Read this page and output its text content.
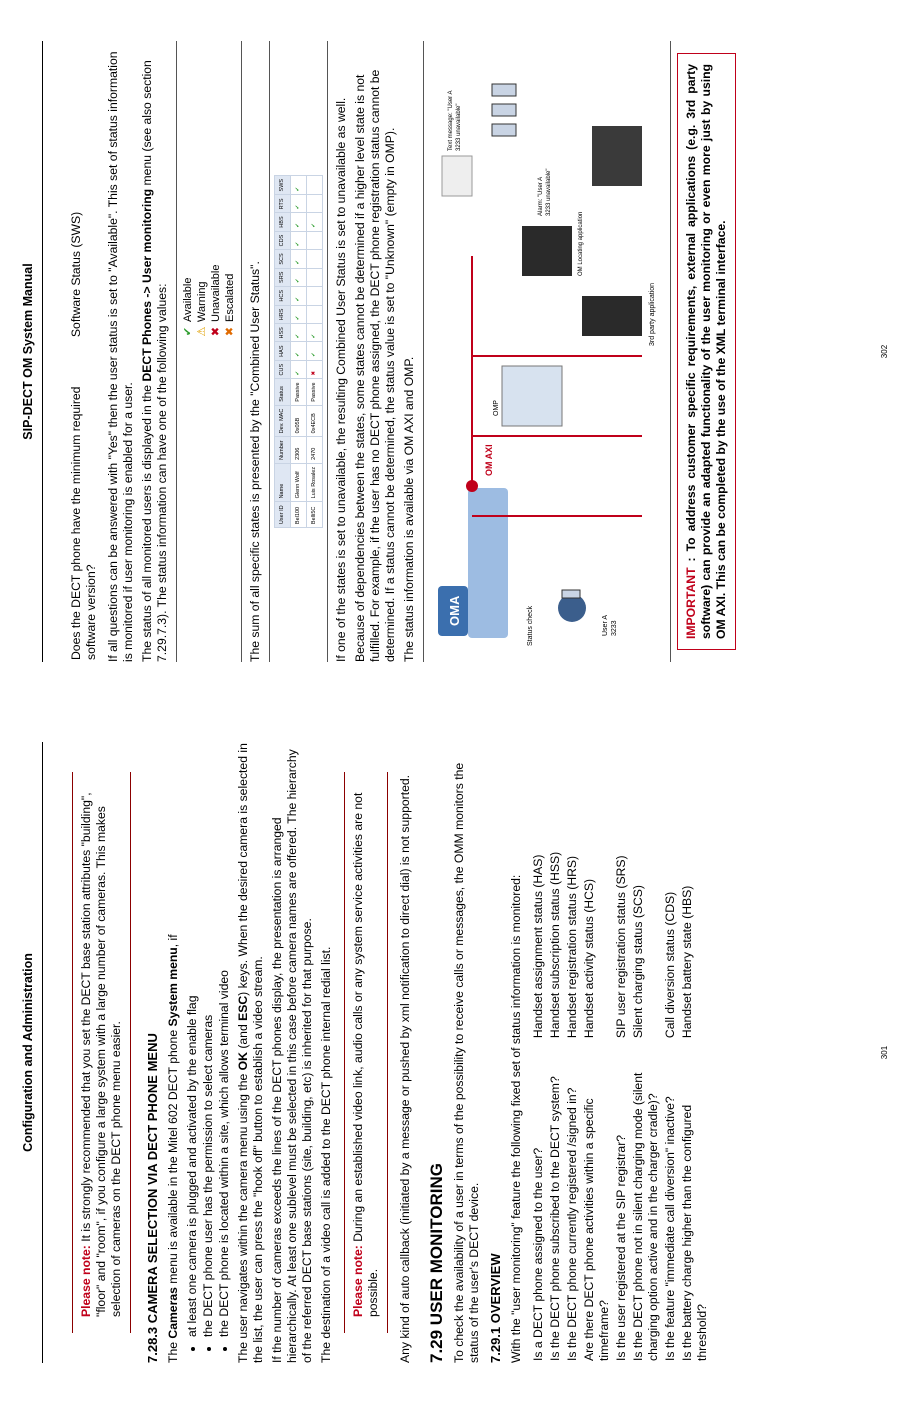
Configuration and Administration
Please note: It is strongly recommended that you set the DECT base station attributes "building", "floor" and "room", if you configure a large system with a large number of cameras. This makes selection of cameras on the DECT phone menu easier.	7.28.3 CAMERA SELECTION VIA DECT PHONE MENU The Cameras menu is available in the Mitel 602 DECT phone System menu, if

• at least one camera is plugged and activated by the enable flag • the DECT phone user has the permission to select cameras • the DECT phone is located within a site, which allows terminal video The user navigates within the camera menu using the OK (and ESC) keys. When the desired camera is selected in the list, the user can press the "hook off" button to establish a video stream. If the number of cameras exceeds the lines of the DECT phones display, the presentation is arranged hierarchically. At least one sublevel must be selected in this case before camera names are offered. The hierarchy of the referred DECT base stations (site, building, etc) is inherited for that purpose. The destination of a video call is added to the DECT phone internal redial list.	Please note: During an established video link, audio calls or any system service activities are not possible.	Any kind of auto callback (initiated by a message or pushed by xml notification to direct dial) is not supported. 7.29 USER MONITORING To check the availability of a user in terms of the possibility to receive calls or messages, the OMM monitors the status of the user's DECT device. 7.29.1 OVERVIEW With the "user monitoring" feature the following fixed set of status information is monitored: Is a DECT phone assigned to the user?	Handset assignment status (HAS)
Is the DECT phone subscribed to the DECT system?	Handset subscription status (HSS)
Is the DECT phone currently registered /signed in?	Handset registration status (HRS)
Are there DECT phone activities within a specific timeframe?	Handset activity status (HCS)
Is the user registered at the SIP registrar?	SIP user registration status (SRS)
Is the DECT phone not in silent charging mode (silent charging option active and in the charger cradle)?	Silent charging status (SCS)
Is the feature "immediate call diversion" inactive?	Call diversion status (CDS)
Is the battery charge higher than the configured threshold?	Handset battery state (HBS)
301
SIP-DECT OM System Manual
Does the DECT phone have the minimum required software version?	Software Status (SWS) If all questions can be answered with "Yes" then the user status is set to "Available". This set of status information is monitored if user monitoring is enabled for a user. The status of all monitored users is displayed in the DECT Phones -> User monitoring menu (see also section 7.29.7.3). The status information can have one of the following values: ✔
Available
⚠
Warning
✖
Unavailable
✖
Escalated The sum of all specific states is presented by the "Combined User Status".	User ID	Name	Number	Dev. MAC	Status	CUS	HAS	HSS	HRS	HCS	SRS	SCS	CDS	HBS	RTS	SWS
Bel100	Glenn Wolf	2306	0x05B	Passive	✔	✔	✔	✔	✔	✔	✔	✔	✔	✔	✔
Belli5C	Luis Rosalez	2470	0x4ECB	Passive	✖	✔	✔						✔		If one of the states is set to unavailable, the resulting Combined User Status is set to unavailable as well. Because of dependencies between the states, some states cannot be determined if a higher level state is not fulfilled. For example, if the user has no DECT phone assigned, the DECT phone registration status cannot be determined. If a status cannot be determined, the status value is set to "Unknown" (empty in OMP). The status information is available via OM AXI and OMP. OMA	Status check	User A 3233
OM AXI
OMP
3rd party application
OM Locating application
Text message: "User A 3233 unavailable"
Alarm: "User A 3233 unavailable"
IMPORTANT : To address customer specific requirements, external applications (e.g. 3rd party software) can provide an adapted functionality of the user monitoring or even more just by using OM AXI. This can be completed by the use of the XML terminal interface.	302
